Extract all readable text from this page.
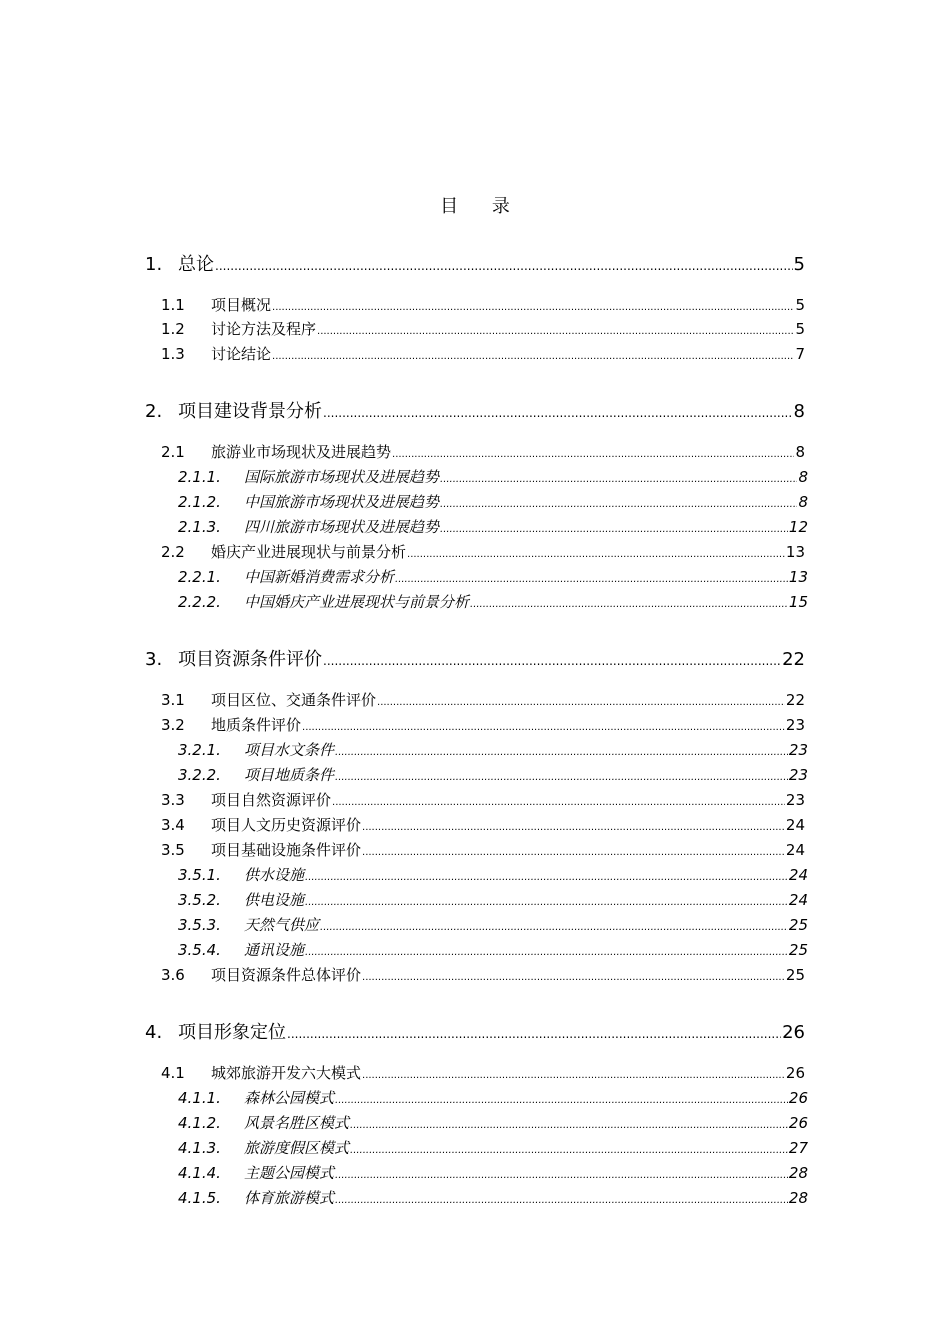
目 录
1. 总论 .....	5
1.1	项目概况 .....	5
1.2	讨论方法及程序 .....	5
1.3	讨论结论 .....	7
2. 项目建设背景分析 .....	8
2.1	旅游业市场现状及进展趋势 .....	8
2.1.1.	国际旅游市场现状及进展趋势 .....	8
2.1.2.	中国旅游市场现状及进展趋势 .....	8
2.1.3.	四川旅游市场现状及进展趋势 .....	12
2.2	婚庆产业进展现状与前景分析 .....	13
2.2.1.	中国新婚消费需求分析 .....	13
2.2.2.	中国婚庆产业进展现状与前景分析 .....	15
3. 项目资源条件评价 .....	22
3.1	项目区位、交通条件评价 .....	22
3.2	地质条件评价 .....	23
3.2.1.	项目水文条件 .....	23
3.2.2.	项目地质条件 .....	23
3.3	项目自然资源评价 .....	23
3.4	项目人文历史资源评价 .....	24
3.5	项目基础设施条件评价 .....	24
3.5.1.	供水设施 .....	24
3.5.2.	供电设施 .....	24
3.5.3.	天然气供应 .....	25
3.5.4.	通讯设施 .....	25
3.6	项目资源条件总体评价 .....	25
4. 项目形象定位 .....	26
4.1	城郊旅游开发六大模式 .....	26
4.1.1.	森林公园模式 .....	26
4.1.2.	风景名胜区模式 .....	26
4.1.3.	旅游度假区模式 .....	27
4.1.4.	主题公园模式 .....	28
4.1.5.	体育旅游模式 .....	28
